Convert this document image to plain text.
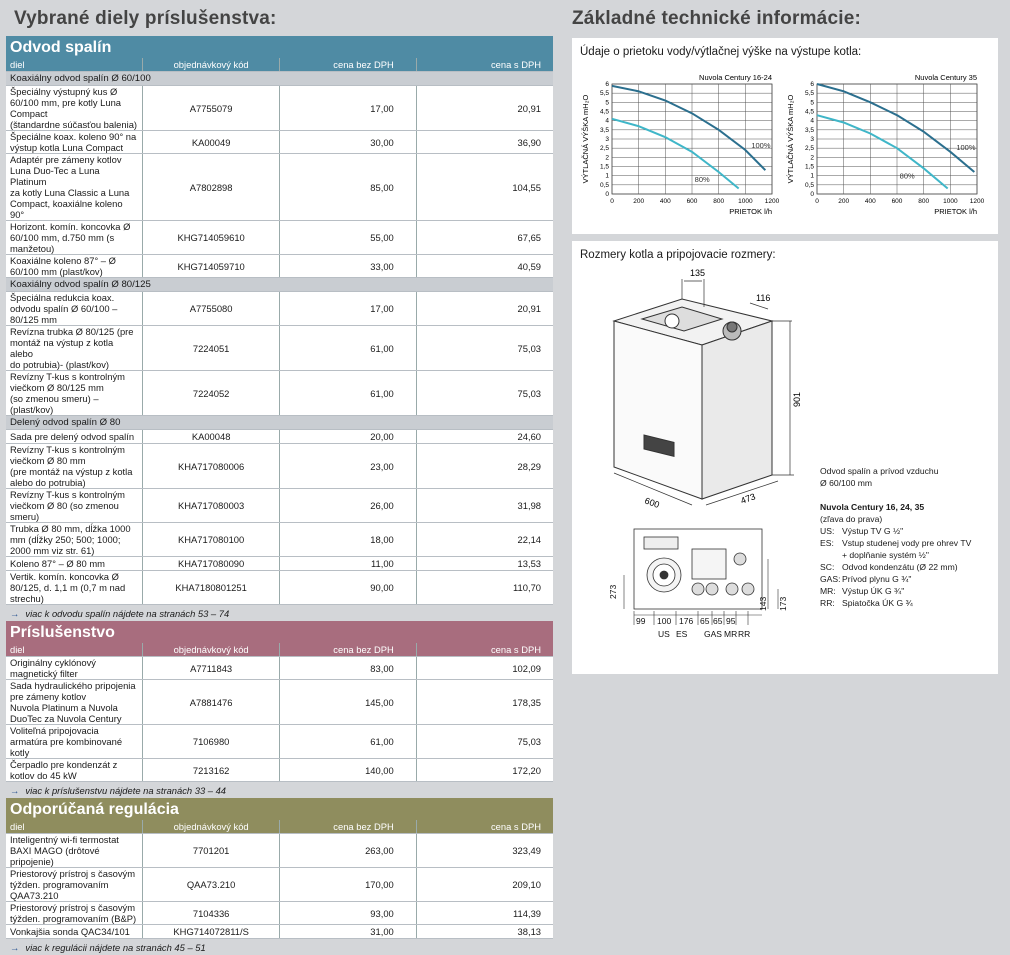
Vybrané diely príslušenstva:
Odvod spalín			
diel	objednávkový kód	cena bez DPH	cena s DPH
Koaxiálny odvod spalín Ø 60/100			

Špeciálny výstupný kus Ø 60/100 mm, pre kotly Luna Compact
(štandardne súčasťou balenia)	A7755079	17,00	20,91

Špeciálne koax. koleno 90° na výstup kotla Luna Compact	KA00049	30,00	36,90

Adaptér pre zámeny kotlov Luna Duo-Tec a Luna Platinum
za kotly Luna Classic a Luna Compact, koaxiálne koleno 90°	A7802898	85,00	104,55

Horizont. komín. koncovka Ø 60/100 mm, d.750 mm (s manžetou)	KHG714059610	55,00	67,65

Koaxiálne koleno 87° – Ø 60/100 mm (plast/kov)	KHG714059710	33,00	40,59
Koaxiálny odvod spalín Ø 80/125			

Špeciálna redukcia koax. odvodu spalín Ø 60/100 – 80/125 mm	A7755080	17,00	20,91

Revízna trubka Ø 80/125 (pre montáž na výstup z kotla alebo
do potrubia)- (plast/kov)	7224051	61,00	75,03

Revízny T-kus s kontrolným viečkom Ø 80/125 mm
(so zmenou smeru) – (plast/kov)	7224052	61,00	75,03
Delený odvod spalín Ø 80			

Sada pre delený odvod spalín	KA00048	20,00	24,60

Revízny T-kus s kontrolným viečkom Ø 80 mm
(pre montáž na výstup z kotla alebo do potrubia)	KHA717080006	23,00	28,29

Revízny T-kus s kontrolným viečkom Ø 80 (so zmenou smeru)	KHA717080003	26,00	31,98

Trubka Ø 80 mm, dĺžka 1000 mm (dĺžky 250; 500; 1000;
2000 mm viz str. 61)	KHA717080100	18,00	22,14

Koleno 87° – Ø 80 mm	KHA717080090	11,00	13,53

Vertik. komín. koncovka Ø 80/125, d. 1,1 m (0,7 m nad strechu)	KHA7180801251	90,00	110,70
→ viac k odvodu spalín nájdete na stranách 53 – 74			
Príslušenstvo			
diel	objednávkový kód	cena bez DPH	cena s DPH

Originálny cyklónový magnetický filter	A7711843	83,00	102,09

Sada hydraulického pripojenia pre zámeny kotlov
Nuvola Platinum a Nuvola DuoTec za Nuvola Century	A7881476	145,00	178,35

Voliteľná pripojovacia armatúra pre kombinované kotly	7106980	61,00	75,03

Čerpadlo pre kondenzát z kotlov do 45 kW	7213162	140,00	172,20
→ viac k príslušenstvu nájdete na stranách 33 – 44			
Odporúčaná regulácia			
diel	objednávkový kód	cena bez DPH	cena s DPH

Inteligentný wi-fi termostat BAXI MAGO (drôtové pripojenie)	7701201	263,00	323,49

Priestorový prístroj s časovým týžden. programovaním QAA73.210	QAA73.210	170,00	209,10

Priestorový prístroj s časovým týžden. programovaním (B&P)	7104336	93,00	114,39

Vonkajšia sonda QAC34/101	KHG714072811/S	31,00	38,13
→ viac k regulácii nájdete na stranách 45 – 51			
Základné technické informácie:
Údaje o prietoku vody/výtlačnej výške na výstupe kotla:
0	200 400 600 800 1000 1200
0
0,5
1
1,5
2
2,5
3
3,5
4
4,5
5
5,5
6
Nuvola Century 16-24
PRIETOK l/h
VÝTLAČNÁ VÝŠKA mH₂O	100%
80%
0	200 400 600 800 1000 1200
0
0,5
1
1,5
2
2,5
3
3,5
4
4,5
5
5,5
6
Nuvola Century 35
PRIETOK l/h
VÝTLAČNÁ VÝŠKA mH₂O	100%
80%
Rozmery kotla a pripojovacie rozmery:
135
116
901
600	473
273
143 173
99 100 176 65 65 95
US ES GAS MR RR
Odvod spalín a prívod vzduchu
Ø 60/100 mm
Nuvola Century 16, 24, 35
(zľava do prava)
US: Výstup TV G ½"
ES: Vstup studenej vody pre ohrev TV
+ doplňanie systém ½"
SC: Odvod kondenzátu (Ø 22 mm)
GAS: Prívod plynu G ¾"
MR: Výstup ÚK G ¾"
RR: Spiatočka ÚK G ¾
